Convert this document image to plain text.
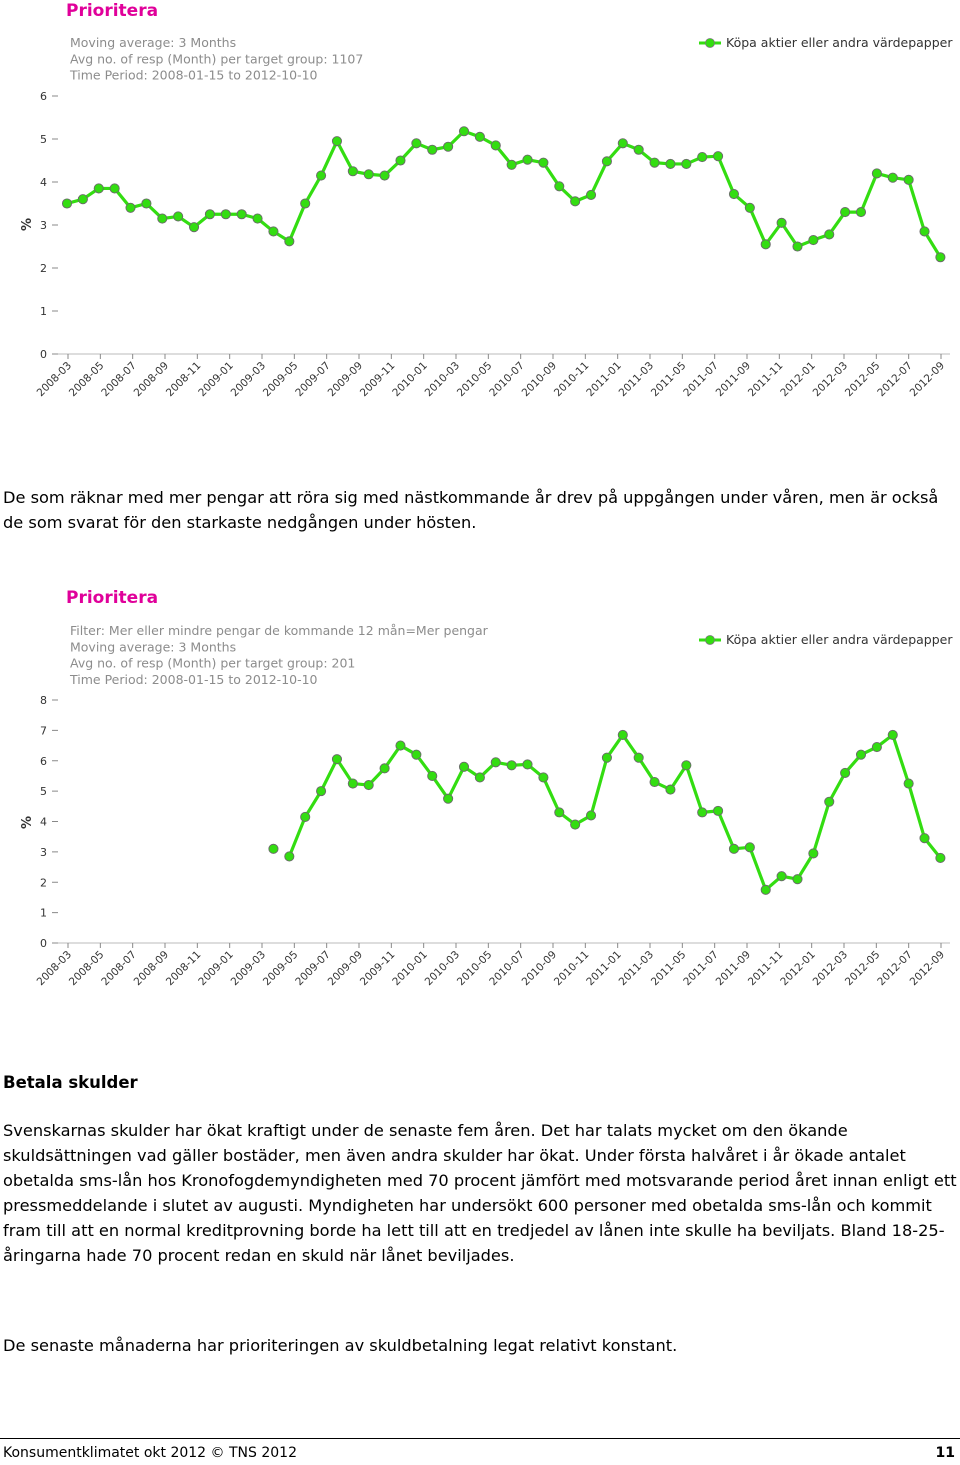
Prioritera
Moving average: 3 Months
Avg no. of resp (Month) per target group: 1107
Time Period: 2008-01-15 to 2012-10-10
Köpa aktier eller andra värdepapper
%
0
1
2
3
4
5
6
2008-03
2008-05
2008-07
2008-09
2008-11
2009-01
2009-03
2009-05
2009-07
2009-09
2009-11
2010-01
2010-03
2010-05
2010-07
2010-09
2010-11
2011-01
2011-03
2011-05
2011-07
2011-09
2011-11
2012-01
2012-03
2012-05
2012-07
2012-09

De som räknar med mer pengar att röra sig med nästkommande år drev på uppgången under våren, men är också de som svarat för den starkaste nedgången under hösten.

Prioritera
Filter: Mer eller mindre pengar de kommande 12 mån=Mer pengar
Moving average: 3 Months
Avg no. of resp (Month) per target group: 201
Time Period: 2008-01-15 to 2012-10-10
Köpa aktier eller andra värdepapper
%
0
1
2
3
4
5
6
7
8
2008-03
2008-05
2008-07
2008-09
2008-11
2009-01
2009-03
2009-05
2009-07
2009-09
2009-11
2010-01
2010-03
2010-05
2010-07
2010-09
2010-11
2011-01
2011-03
2011-05
2011-07
2011-09
2011-11
2012-01
2012-03
2012-05
2012-07
2012-09
Betala skulder

Svenskarnas skulder har ökat kraftigt under de senaste fem åren. Det har talats mycket om den ökande skuldsättningen vad gäller bostäder, men även andra skulder har ökat. Under första halvåret i år ökade antalet obetalda sms-lån hos Kronofogdemyndigheten med 70 procent jämfört med motsvarande period året innan enligt ett pressmeddelande i slutet av augusti. Myndigheten har undersökt 600 personer med obetalda sms-lån och kommit fram till att en normal kreditprovning borde ha lett till att en tredjedel av lånen inte skulle ha beviljats. Bland 18-25-åringarna hade 70 procent redan en skuld när lånet beviljades.

De senaste månaderna har prioriteringen av skuldbetalning legat relativt konstant.

Konsumentklimatet okt 2012 © TNS 2012	11
